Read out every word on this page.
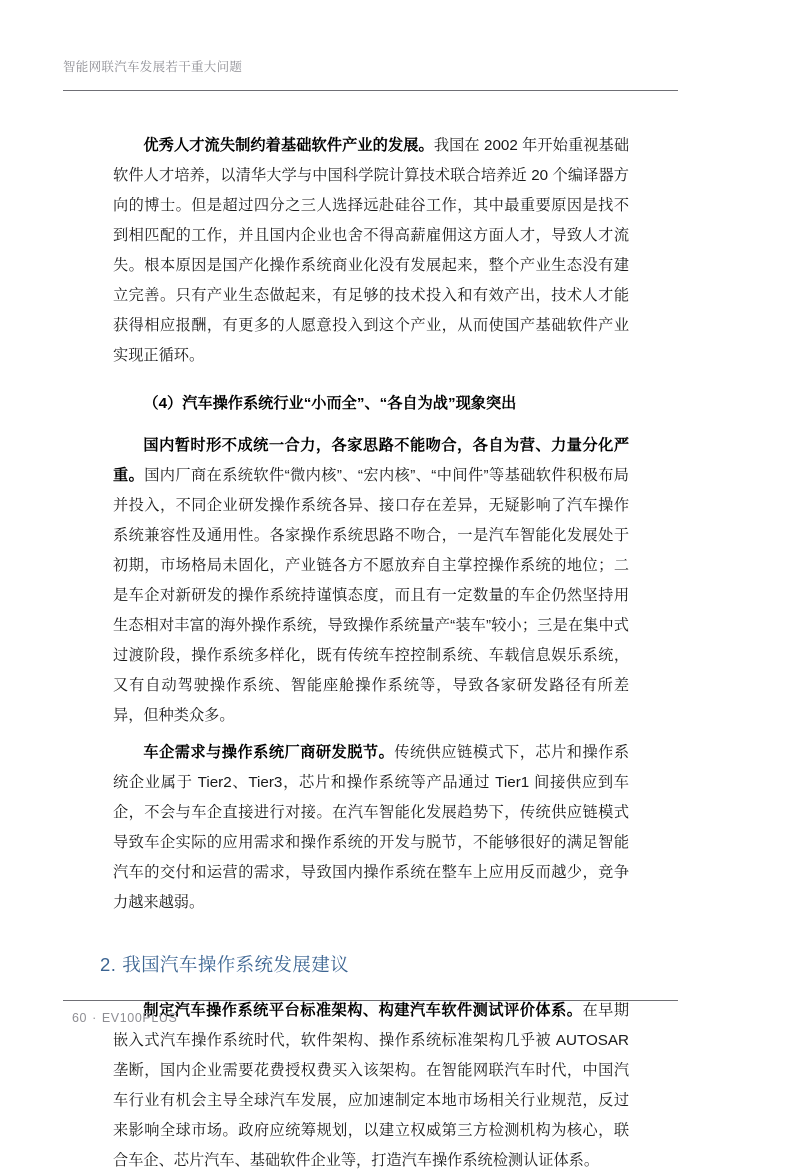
智能网联汽车发展若干重大问题

优秀人才流失制约着基础软件产业的发展。我国在 2002 年开始重视基础软件人才培养，以清华大学与中国科学院计算技术联合培养近 20 个编译器方向的博士。但是超过四分之三人选择远赴硅谷工作，其中最重要原因是找不到相匹配的工作，并且国内企业也舍不得高薪雇佣这方面人才，导致人才流失。根本原因是国产化操作系统商业化没有发展起来，整个产业生态没有建立完善。只有产业生态做起来，有足够的技术投入和有效产出，技术人才能获得相应报酬，有更多的人愿意投入到这个产业，从而使国产基础软件产业实现正循环。

（4）汽车操作系统行业“小而全”、“各自为战”现象突出

国内暂时形不成统一合力，各家思路不能吻合，各自为营、力量分化严重。国内厂商在系统软件“微内核”、“宏内核”、“中间件”等基础软件积极布局并投入，不同企业研发操作系统各异、接口存在差异，无疑影响了汽车操作系统兼容性及通用性。各家操作系统思路不吻合，一是汽车智能化发展处于初期，市场格局未固化，产业链各方不愿放弃自主掌控操作系统的地位；二是车企对新研发的操作系统持谨慎态度，而且有一定数量的车企仍然坚持用生态相对丰富的海外操作系统，导致操作系统量产“装车”较小；三是在集中式过渡阶段，操作系统多样化，既有传统车控控制系统、车载信息娱乐系统，又有自动驾驶操作系统、智能座舱操作系统等，导致各家研发路径有所差异，但种类众多。

车企需求与操作系统厂商研发脱节。传统供应链模式下，芯片和操作系统企业属于 Tier2、Tier3，芯片和操作系统等产品通过 Tier1 间接供应到车企，不会与车企直接进行对接。在汽车智能化发展趋势下，传统供应链模式导致车企实际的应用需求和操作系统的开发与脱节，不能够很好的满足智能汽车的交付和运营的需求，导致国内操作系统在整车上应用反而越少，竞争力越来越弱。

2. 我国汽车操作系统发展建议

制定汽车操作系统平台标准架构、构建汽车软件测试评价体系。在早期嵌入式汽车操作系统时代，软件架构、操作系统标准架构几乎被 AUTOSAR 垄断，国内企业需要花费授权费买入该架构。在智能网联汽车时代，中国汽车行业有机会主导全球汽车发展，应加速制定本地市场相关行业规范，反过来影响全球市场。政府应统筹规划，以建立权威第三方检测机构为核心，联合车企、芯片汽车、基础软件企业等，打造汽车操作系统检测认证体系。

60 · EV100PLUS
